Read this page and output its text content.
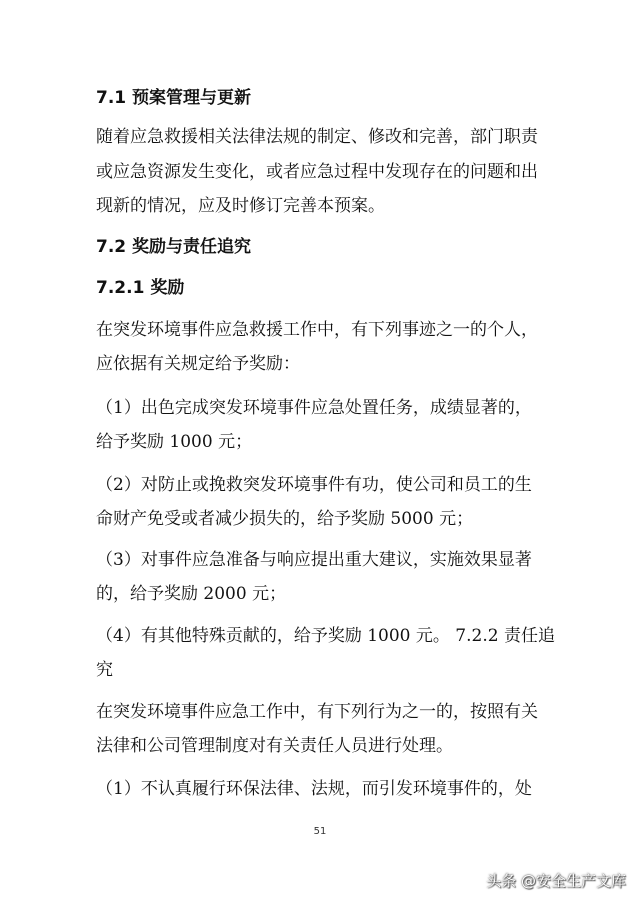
7.1 预案管理与更新
随着应急救援相关法律法规的制定、修改和完善，部门职责
或应急资源发生变化，或者应急过程中发现存在的问题和出
现新的情况，应及时修订完善本预案。
7.2 奖励与责任追究
7.2.1 奖励
在突发环境事件应急救援工作中，有下列事迹之一的个人，
应依据有关规定给予奖励：
（1）出色完成突发环境事件应急处置任务，成绩显著的，
给予奖励 1000 元；
（2）对防止或挽救突发环境事件有功，使公司和员工的生
命财产免受或者减少损失的，给予奖励 5000 元；
（3）对事件应急准备与响应提出重大建议，实施效果显著
的，给予奖励 2000 元；
（4）有其他特殊贡献的，给予奖励 1000 元。 7.2.2 责任追
究
在突发环境事件应急工作中，有下列行为之一的，按照有关
法律和公司管理制度对有关责任人员进行处理。
（1）不认真履行环保法律、法规，而引发环境事件的，处
51
头条 @安全生产文库
